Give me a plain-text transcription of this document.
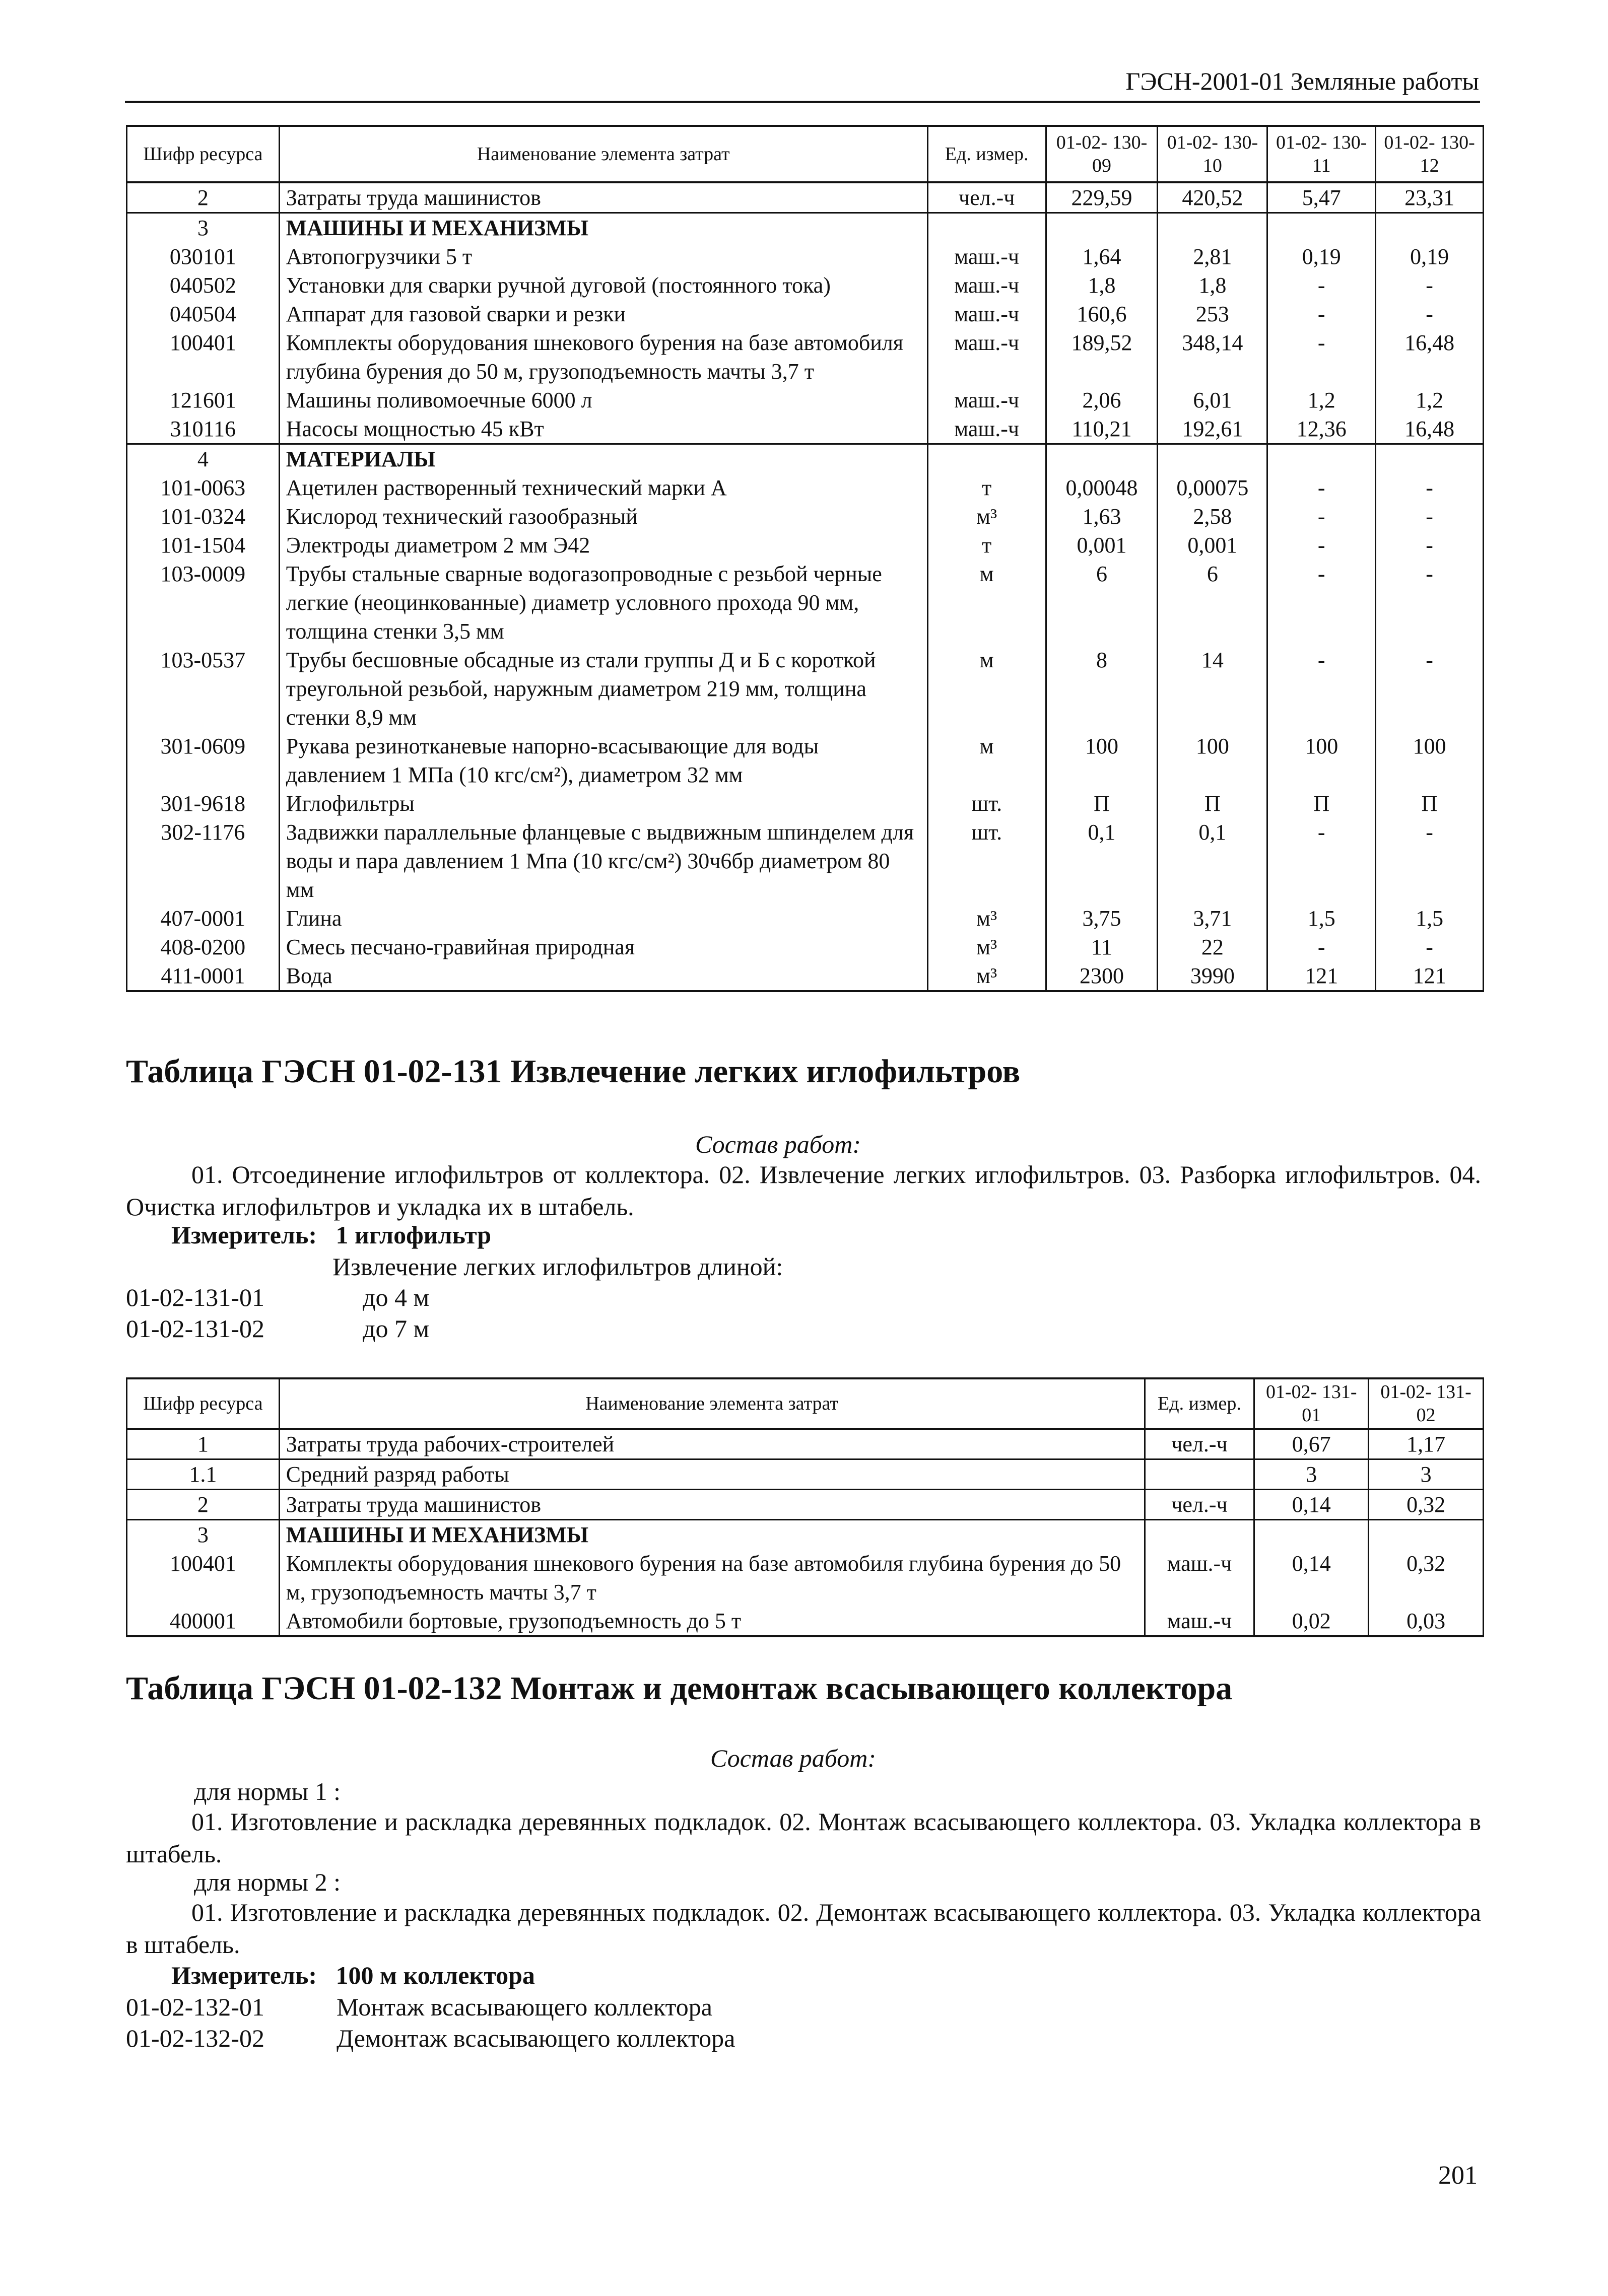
ГЭСН-2001-01 Земляные работы
Шифр ресурса	Наименование элемента затрат	Ед. измер.	01-02- 130-09	01-02- 130-10	01-02- 130-11	01-02- 130-12
2	Затраты труда машинистов	чел.-ч	229,59	420,52	5,47	23,31
3	МАШИНЫ И МЕХАНИЗМЫ					
030101	Автопогрузчики 5 т	маш.-ч	1,64	2,81	0,19	0,19
040502	Установки для сварки ручной дуговой (постоянного тока)	маш.-ч	1,8	1,8	-	-
040504	Аппарат для газовой сварки и резки	маш.-ч	160,6	253	-	-
100401	Комплекты оборудования шнекового бурения на базе автомобиля глубина бурения до 50 м, грузоподъемность мачты 3,7 т	маш.-ч	189,52	348,14	-	16,48
121601	Машины поливомоечные 6000 л	маш.-ч	2,06	6,01	1,2	1,2
310116	Насосы мощностью 45 кВт	маш.-ч	110,21	192,61	12,36	16,48
4	МАТЕРИАЛЫ					
101-0063	Ацетилен растворенный технический марки А	т	0,00048	0,00075	-	-
101-0324	Кислород технический газообразный	м³	1,63	2,58	-	-
101-1504	Электроды диаметром 2 мм Э42	т	0,001	0,001	-	-
103-0009	Трубы стальные сварные водогазопроводные с резьбой черные легкие (неоцинкованные) диаметр условного прохода 90 мм, толщина стенки 3,5 мм	м	6	6	-	-
103-0537	Трубы бесшовные обсадные из стали группы Д и Б с короткой треугольной резьбой, наружным диаметром 219 мм, толщина стенки 8,9 мм	м	8	14	-	-
301-0609	Рукава резинотканевые напорно-всасывающие для воды давлением 1 МПа (10 кгс/см²), диаметром 32 мм	м	100	100	100	100
301-9618	Иглофильтры	шт.	П	П	П	П
302-1176	Задвижки параллельные фланцевые с выдвижным шпинделем для воды и пара давлением 1 Мпа (10 кгс/см²) 30ч6бр диаметром 80 мм	шт.	0,1	0,1	-	-
407-0001	Глина	м³	3,75	3,71	1,5	1,5
408-0200	Смесь песчано-гравийная природная	м³	11	22	-	-
411-0001	Вода	м³	2300	3990	121	121
Таблица ГЭСН 01-02-131 Извлечение легких иглофильтров
Состав работ:
01. Отсоединение иглофильтров от коллектора. 02. Извлечение легких иглофильтров. 03. Разборка иглофильтров. 04. Очистка иглофильтров и укладка их в штабель.
Измеритель: 1 иглофильтр
Извлечение легких иглофильтров длиной:
01-02-131-01	до 4 м
01-02-131-02	до 7 м
Шифр ресурса	Наименование элемента затрат	Ед. измер.	01-02- 131-01	01-02- 131-02
1	Затраты труда рабочих-строителей	чел.-ч	0,67	1,17
1.1	Средний разряд работы		3	3
2	Затраты труда машинистов	чел.-ч	0,14	0,32
3	МАШИНЫ И МЕХАНИЗМЫ			
100401	Комплекты оборудования шнекового бурения на базе автомобиля глубина бурения до 50 м, грузоподъемность мачты 3,7 т	маш.-ч	0,14	0,32
400001	Автомобили бортовые, грузоподъемность до 5 т	маш.-ч	0,02	0,03
Таблица ГЭСН 01-02-132 Монтаж и демонтаж всасывающего коллектора
Состав работ:
для нормы 1 :
01. Изготовление и раскладка деревянных подкладок. 02. Монтаж всасывающего коллектора. 03. Укладка коллектора в штабель.
для нормы 2 :
01. Изготовление и раскладка деревянных подкладок. 02. Демонтаж всасывающего коллектора. 03. Укладка коллектора в штабель.
Измеритель: 100 м коллектора
01-02-132-01	Монтаж всасывающего коллектора
01-02-132-02	Демонтаж всасывающего коллектора
201
